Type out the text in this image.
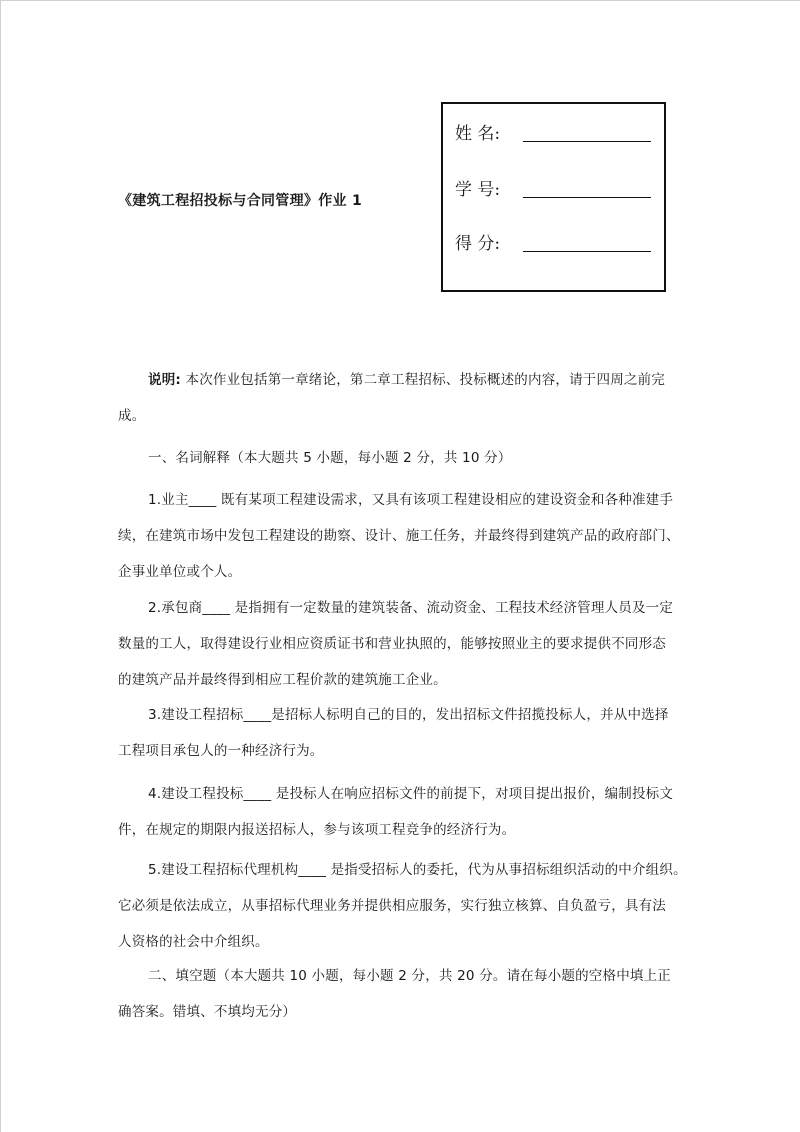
《建筑工程招投标与合同管理》作业 1
姓 名:
学 号:
得 分:
说明: 本次作业包括第一章绪论，第二章工程招标、投标概述的内容，请于四周之前完
成。
一、名词解释（本大题共 5 小题，每小题 2 分，共 10 分）
1.业主____ 既有某项工程建设需求，又具有该项工程建设相应的建设资金和各种准建手
续，在建筑市场中发包工程建设的勘察、设计、施工任务，并最终得到建筑产品的政府部门、
企事业单位或个人。
2.承包商____ 是指拥有一定数量的建筑装备、流动资金、工程技术经济管理人员及一定
数量的工人，取得建设行业相应资质证书和营业执照的，能够按照业主的要求提供不同形态
的建筑产品并最终得到相应工程价款的建筑施工企业。
3.建设工程招标____是招标人标明自己的目的，发出招标文件招揽投标人，并从中选择
工程项目承包人的一种经济行为。
4.建设工程投标____ 是投标人在响应招标文件的前提下，对项目提出报价，编制投标文
件，在规定的期限内报送招标人，参与该项工程竞争的经济行为。
5.建设工程招标代理机构____ 是指受招标人的委托，代为从事招标组织活动的中介组织。
它必须是依法成立，从事招标代理业务并提供相应服务，实行独立核算、自负盈亏，具有法
人资格的社会中介组织。
二、填空题（本大题共 10 小题，每小题 2 分，共 20 分。请在每小题的空格中填上正
确答案。错填、不填均无分）
